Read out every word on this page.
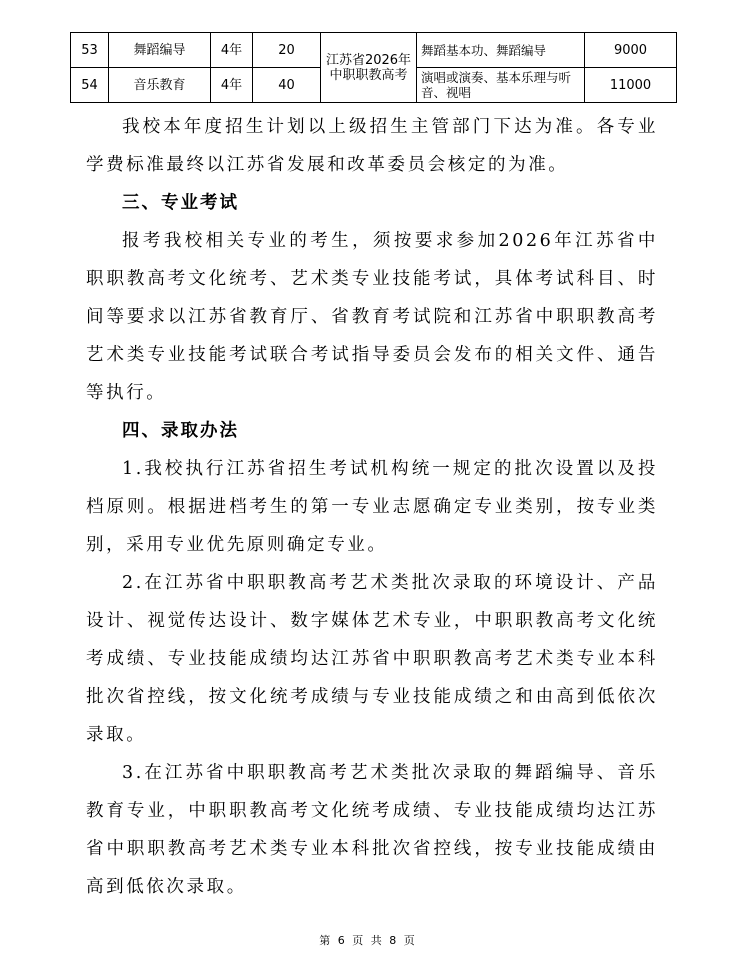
53	舞蹈编导	4年	20	江苏省2026年中职职教高考	舞蹈基本功、舞蹈编导	9000
54	音乐教育	4年	40		演唱或演奏、基本乐理与听音、视唱	11000

我校本年度招生计划以上级招生主管部门下达为准。各专业学费标准最终以江苏省发展和改革委员会核定的为准。

三、专业考试

报考我校相关专业的考生，须按要求参加2026年江苏省中职职教高考文化统考、艺术类专业技能考试，具体考试科目、时间等要求以江苏省教育厅、省教育考试院和江苏省中职职教高考艺术类专业技能考试联合考试指导委员会发布的相关文件、通告等执行。

四、录取办法

1.我校执行江苏省招生考试机构统一规定的批次设置以及投档原则。根据进档考生的第一专业志愿确定专业类别，按专业类别，采用专业优先原则确定专业。

2.在江苏省中职职教高考艺术类批次录取的环境设计、产品设计、视觉传达设计、数字媒体艺术专业，中职职教高考文化统考成绩、专业技能成绩均达江苏省中职职教高考艺术类专业本科批次省控线，按文化统考成绩与专业技能成绩之和由高到低依次录取。

3.在江苏省中职职教高考艺术类批次录取的舞蹈编导、音乐教育专业，中职职教高考文化统考成绩、专业技能成绩均达江苏省中职职教高考艺术类专业本科批次省控线，按专业技能成绩由高到低依次录取。

第 6 页 共 8 页
